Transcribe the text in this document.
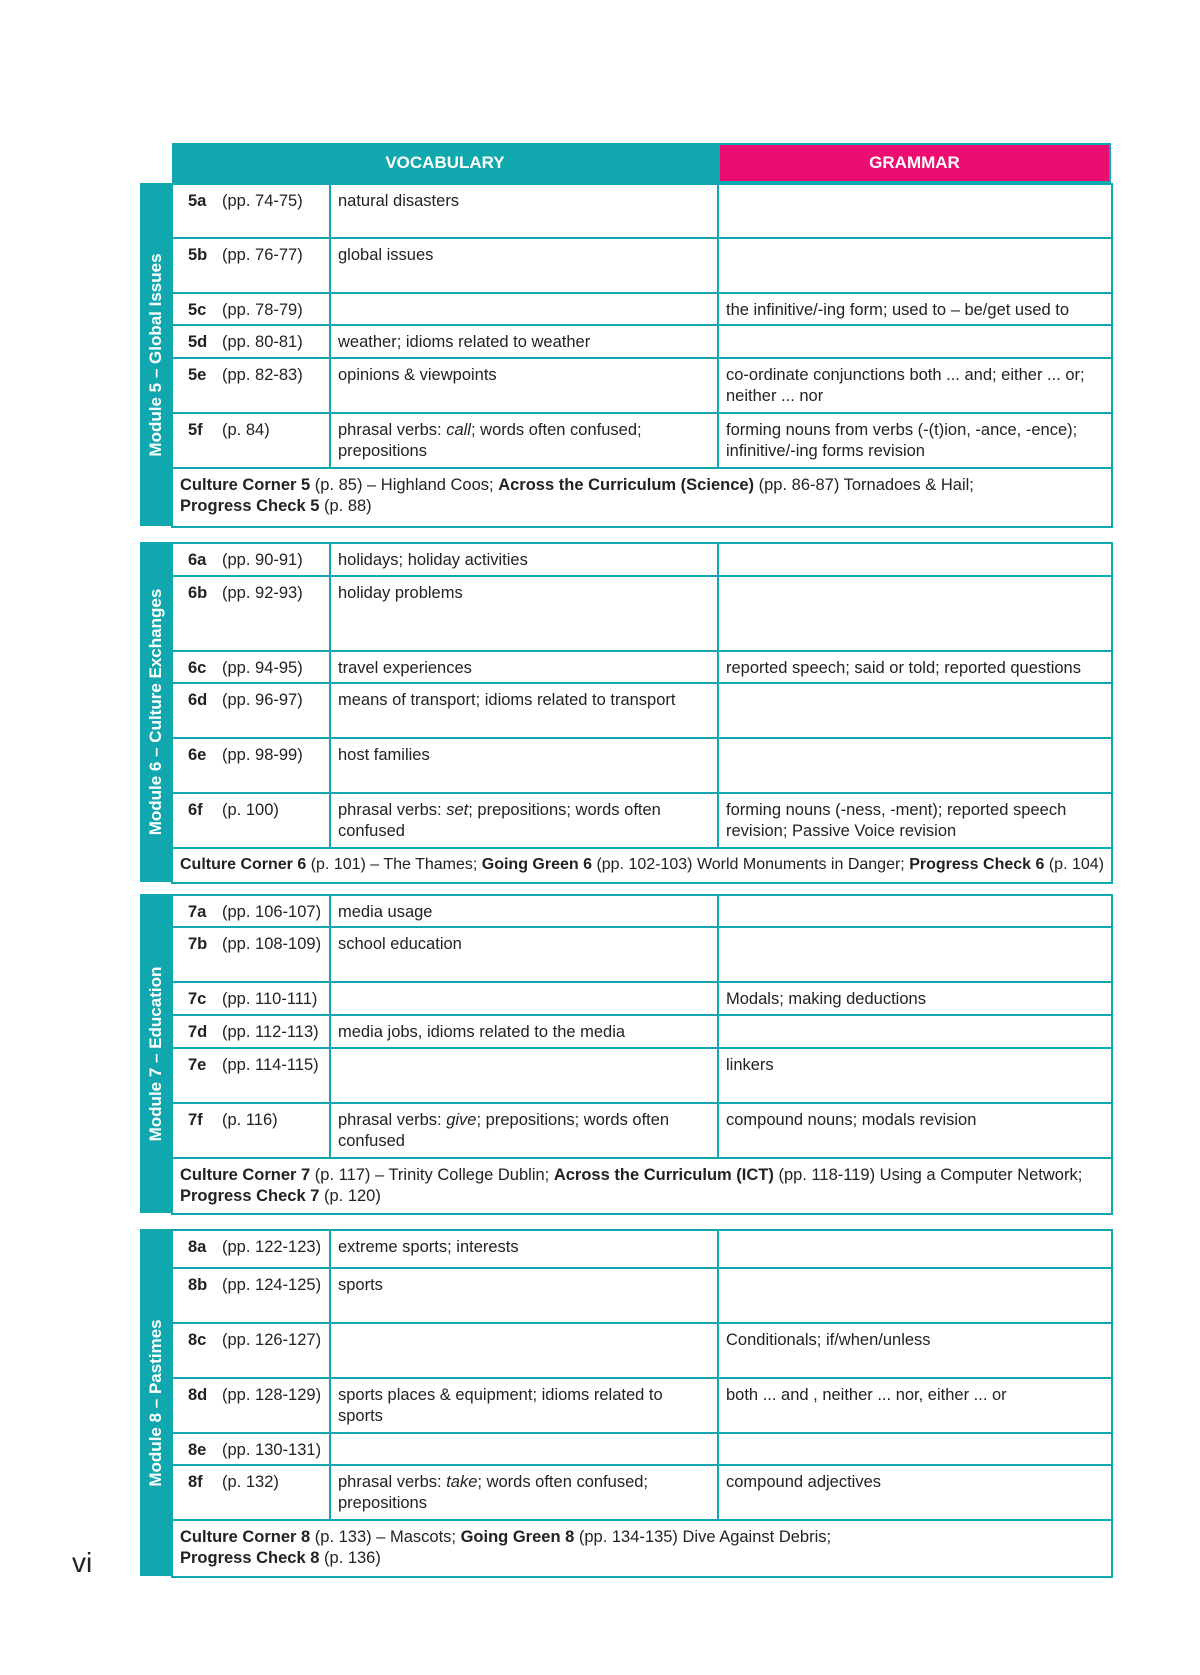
VOCABULARY	GRAMMAR
Module 5 – Global Issues
5a (pp. 74-75)	natural disasters	
5b (pp. 76-77)	global issues	
5c (pp. 78-79)		the infinitive/-ing form; used to – be/get used to
5d (pp. 80-81)	weather; idioms related to weather	
5e (pp. 82-83)	opinions & viewpoints	co-ordinate conjunctions both ... and; either ... or; neither ... nor
5f (p. 84)	phrasal verbs: call; words often confused; prepositions	forming nouns from verbs (-(t)ion, -ance, -ence); infinitive/-ing forms revision
Culture Corner 5 (p. 85) – Highland Coos; Across the Curriculum (Science) (pp. 86-87) Tornadoes & Hail;
Progress Check 5 (p. 88)		
Module 6 – Culture Exchanges
6a (pp. 90-91)	holidays; holiday activities	
6b (pp. 92-93)	holiday problems	
6c (pp. 94-95)	travel experiences	reported speech; said or told; reported questions
6d (pp. 96-97)	means of transport; idioms related to transport	
6e (pp. 98-99)	host families	
6f (p. 100)	phrasal verbs: set; prepositions; words often confused	forming nouns (-ness, -ment); reported speech revision; Passive Voice revision
Culture Corner 6 (p. 101) – The Thames; Going Green 6 (pp. 102-103) World Monuments in Danger; Progress Check 6 (p. 104)		
Module 7 – Education
7a (pp. 106-107)	media usage	
7b (pp. 108-109)	school education	
7c (pp. 110-111)		Modals; making deductions
7d (pp. 112-113)	media jobs, idioms related to the media	
7e (pp. 114-115)		linkers
7f (p. 116)	phrasal verbs: give; prepositions; words often confused	compound nouns; modals revision
Culture Corner 7 (p. 117) – Trinity College Dublin; Across the Curriculum (ICT) (pp. 118-119) Using a Computer Network;
Progress Check 7 (p. 120)		
Module 8 – Pastimes
8a (pp. 122-123)	extreme sports; interests	
8b (pp. 124-125)	sports	
8c (pp. 126-127)		Conditionals; if/when/unless
8d (pp. 128-129)	sports places & equipment; idioms related to sports	both ... and , neither ... nor, either ... or
8e (pp. 130-131)		
8f (p. 132)	phrasal verbs: take; words often confused; prepositions	compound adjectives
Culture Corner 8 (p. 133) – Mascots; Going Green 8 (pp. 134-135) Dive Against Debris;
Progress Check 8 (p. 136)		
vi
